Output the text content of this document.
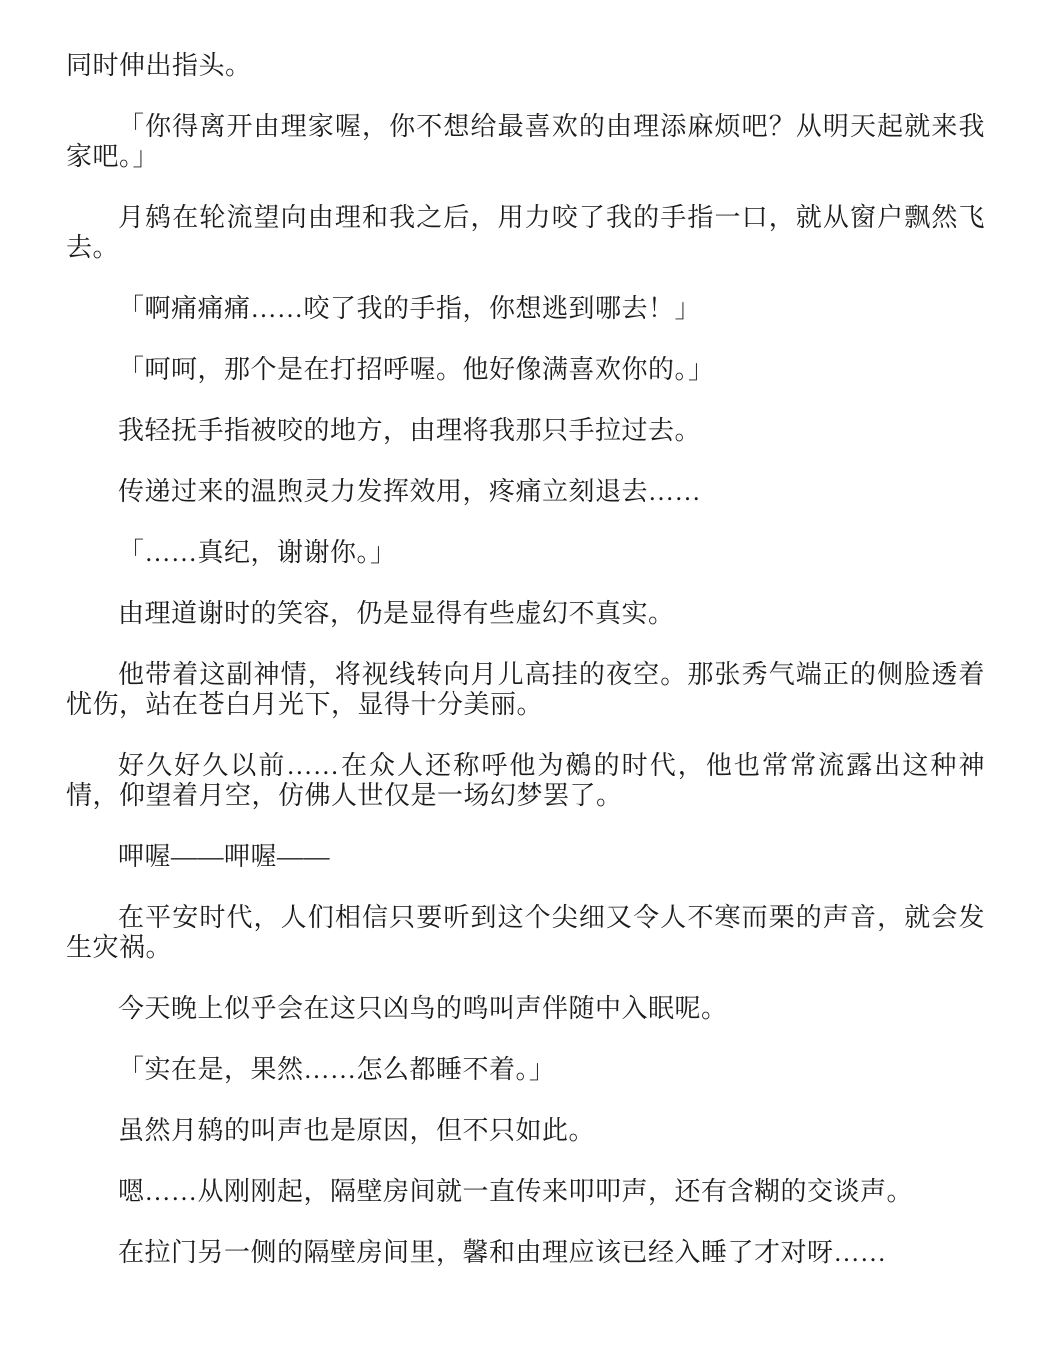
同时伸出指头。

「你得离开由理家喔，你不想给最喜欢的由理添麻烦吧？从明天起就来我家吧。」

月鸫在轮流望向由理和我之后，用力咬了我的手指一口，就从窗户飘然飞去。

「啊痛痛痛……咬了我的手指，你想逃到哪去！」

「呵呵，那个是在打招呼喔。他好像满喜欢你的。」

我轻抚手指被咬的地方，由理将我那只手拉过去。

传递过来的温煦灵力发挥效用，疼痛立刻退去……

「……真纪，谢谢你。」

由理道谢时的笑容，仍是显得有些虚幻不真实。

他带着这副神情，将视线转向月儿高挂的夜空。那张秀气端正的侧脸透着忧伤，站在苍白月光下，显得十分美丽。

好久好久以前……在众人还称呼他为鵺的时代，他也常常流露出这种神情，仰望着月空，仿佛人世仅是一场幻梦罢了。

呷喔——呷喔——

在平安时代，人们相信只要听到这个尖细又令人不寒而栗的声音，就会发生灾祸。

今天晚上似乎会在这只凶鸟的鸣叫声伴随中入眠呢。

「实在是，果然……怎么都睡不着。」

虽然月鸫的叫声也是原因，但不只如此。

嗯……从刚刚起，隔壁房间就一直传来叩叩声，还有含糊的交谈声。

在拉门另一侧的隔壁房间里，馨和由理应该已经入睡了才对呀……
